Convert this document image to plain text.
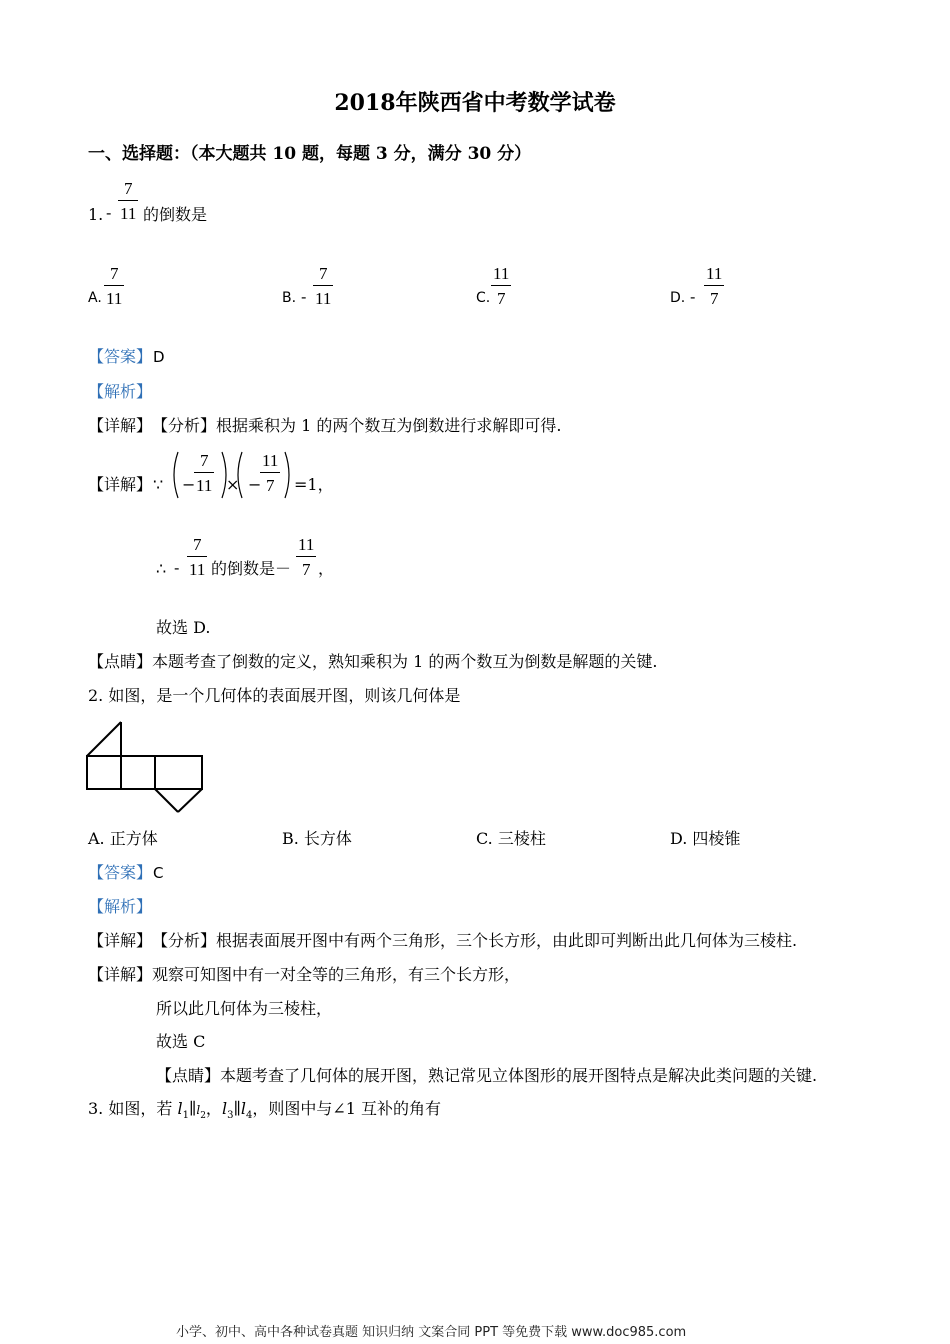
2018年陕西省中考数学试卷
一、选择题：（本大题共 10 题，每题 3 分，满分 30 分）
1. - $\frac{7}{11}$ 的倒数是
A. $\frac{7}{11}$	B. - $\frac{7}{11}$	C. $\frac{11}{7}$	D. - $\frac{11}{7}$
【答案】 D
【解析】
【详解】 【分析】根据乘积为 1 的两个数互为倒数进行求解即可得.
【详解】 ∵ −
$\frac{7}{11}$ × −
$\frac{11}{7} =1$，
∴ - $\frac{7}{11}$ 的倒数是－ $\frac{11}{7}$ ，
故选 D.
【点睛】 本题考查了倒数的定义，熟知乘积为 1 的两个数互为倒数是解题的关键.
2. 如图，是一个几何体的表面展开图，则该几何体是
A. 正方体	B. 长方体	C. 三棱柱	D. 四棱锥
【答案】 C
【解析】
【详解】 【分析】根据表面展开图中有两个三角形，三个长方形，由此即可判断出此几何体为三棱柱.
【详解】 观察可知图中有一对全等的三角形，有三个长方形，
所以此几何体为三棱柱，
故选 C
【点睛】本题考查了几何体的展开图，熟记常见立体图形的展开图特点是解决此类问题的关键.
3. 如图，若 $l_1\parallel l_2$，$l_3\parallel l_4$，则图中与∠1 互补的角有
小学、初中、高中各种试卷真题 知识归纳 文案合同 PPT 等免费下载 www.doc985.com
